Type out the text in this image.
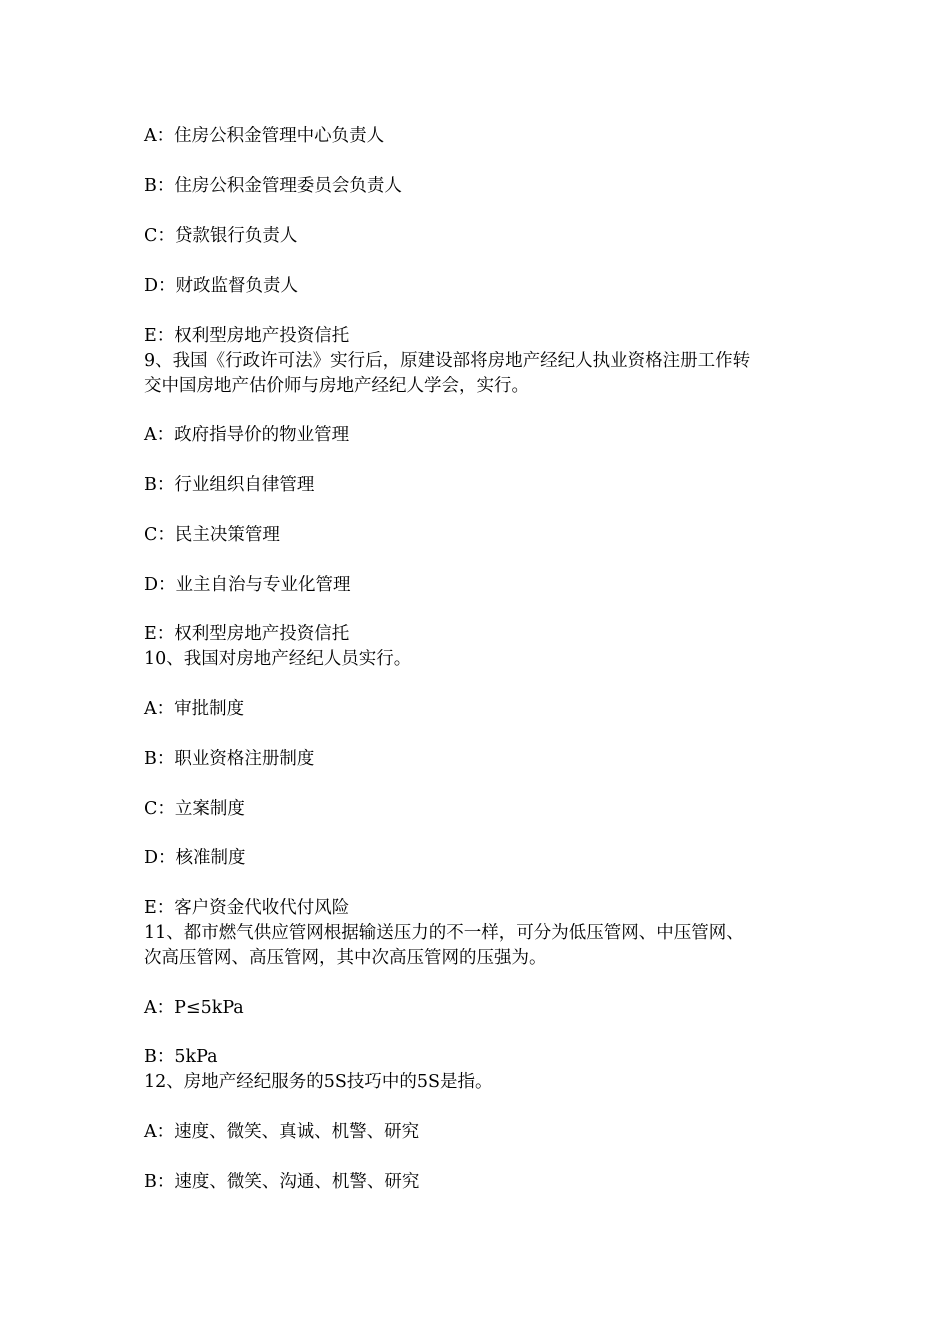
A：住房公积金管理中心负责人
B：住房公积金管理委员会负责人
C：贷款银行负责人
D：财政监督负责人
E：权利型房地产投资信托
9、我国《行政许可法》实行后，原建设部将房地产经纪人执业资格注册工作转
交中国房地产估价师与房地产经纪人学会，实行。
A：政府指导价的物业管理
B：行业组织自律管理
C：民主决策管理
D：业主自治与专业化管理
E：权利型房地产投资信托
10、我国对房地产经纪人员实行。
A：审批制度
B：职业资格注册制度
C：立案制度
D：核准制度
E：客户资金代收代付风险
11、都市燃气供应管网根据输送压力的不一样，可分为低压管网、中压管网、
次高压管网、高压管网，其中次高压管网的压强为。
A：P≤5kPa
B：5kPa
12、房地产经纪服务的5S技巧中的5S是指。
A：速度、微笑、真诚、机警、研究
B：速度、微笑、沟通、机警、研究
